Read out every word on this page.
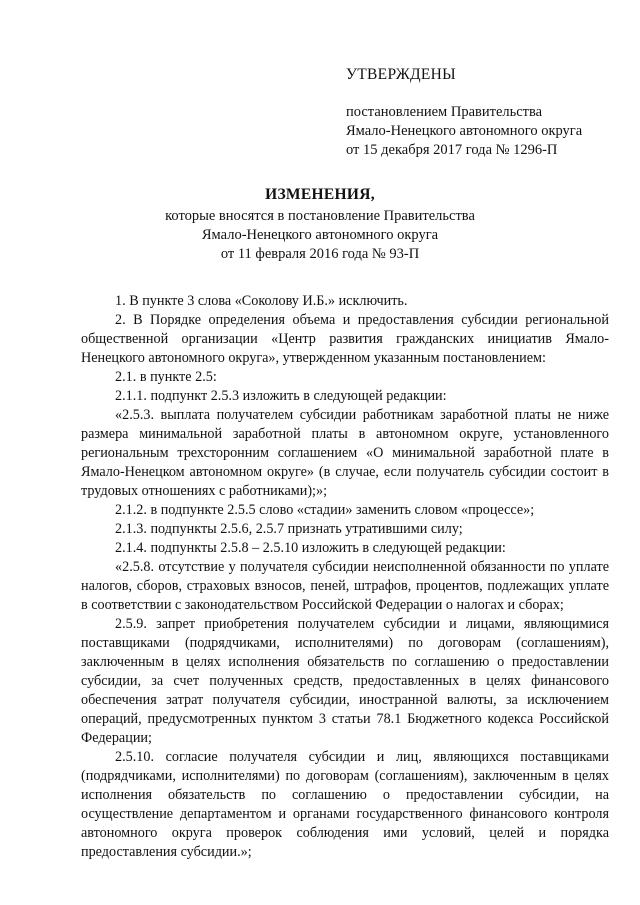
УТВЕРЖДЕНЫ
постановлением Правительства
Ямало-Ненецкого автономного округа
от 15 декабря 2017 года № 1296-П
ИЗМЕНЕНИЯ,
которые вносятся в постановление Правительства
Ямало-Ненецкого автономного округа
от 11 февраля 2016 года № 93-П

1. В пункте 3 слова «Соколову И.Б.» исключить.

2. В Порядке определения объема и предоставления субсидии региональной общественной организации «Центр развития гражданских инициатив Ямало-Ненецкого автономного округа», утвержденном указанным постановлением:

2.1. в пункте 2.5:

2.1.1. подпункт 2.5.3 изложить в следующей редакции:

«2.5.3. выплата получателем субсидии работникам заработной платы не ниже размера минимальной заработной платы в автономном округе, установленного региональным трехсторонним соглашением «О минимальной заработной плате в Ямало-Ненецком автономном округе» (в случае, если получатель субсидии состоит в трудовых отношениях с работниками);»;

2.1.2. в подпункте 2.5.5 слово «стадии» заменить словом «процессе»;

2.1.3. подпункты 2.5.6, 2.5.7 признать утратившими силу;

2.1.4. подпункты 2.5.8 – 2.5.10 изложить в следующей редакции:

«2.5.8. отсутствие у получателя субсидии неисполненной обязанности по уплате налогов, сборов, страховых взносов, пеней, штрафов, процентов, подлежащих уплате в соответствии с законодательством Российской Федерации о налогах и сборах;

2.5.9. запрет приобретения получателем субсидии и лицами, являющимися поставщиками (подрядчиками, исполнителями) по договорам (соглашениям), заключенным в целях исполнения обязательств по соглашению о предоставлении субсидии, за счет полученных средств, предоставленных в целях финансового обеспечения затрат получателя субсидии, иностранной валюты, за исключением операций, предусмотренных пунктом 3 статьи 78.1 Бюджетного кодекса Российской Федерации;

2.5.10. согласие получателя субсидии и лиц, являющихся поставщиками (подрядчиками, исполнителями) по договорам (соглашениям), заключенным в целях исполнения обязательств по соглашению о предоставлении субсидии, на осуществление департаментом и органами государственного финансового контроля автономного округа проверок соблюдения ими условий, целей и порядка предоставления субсидии.»;
